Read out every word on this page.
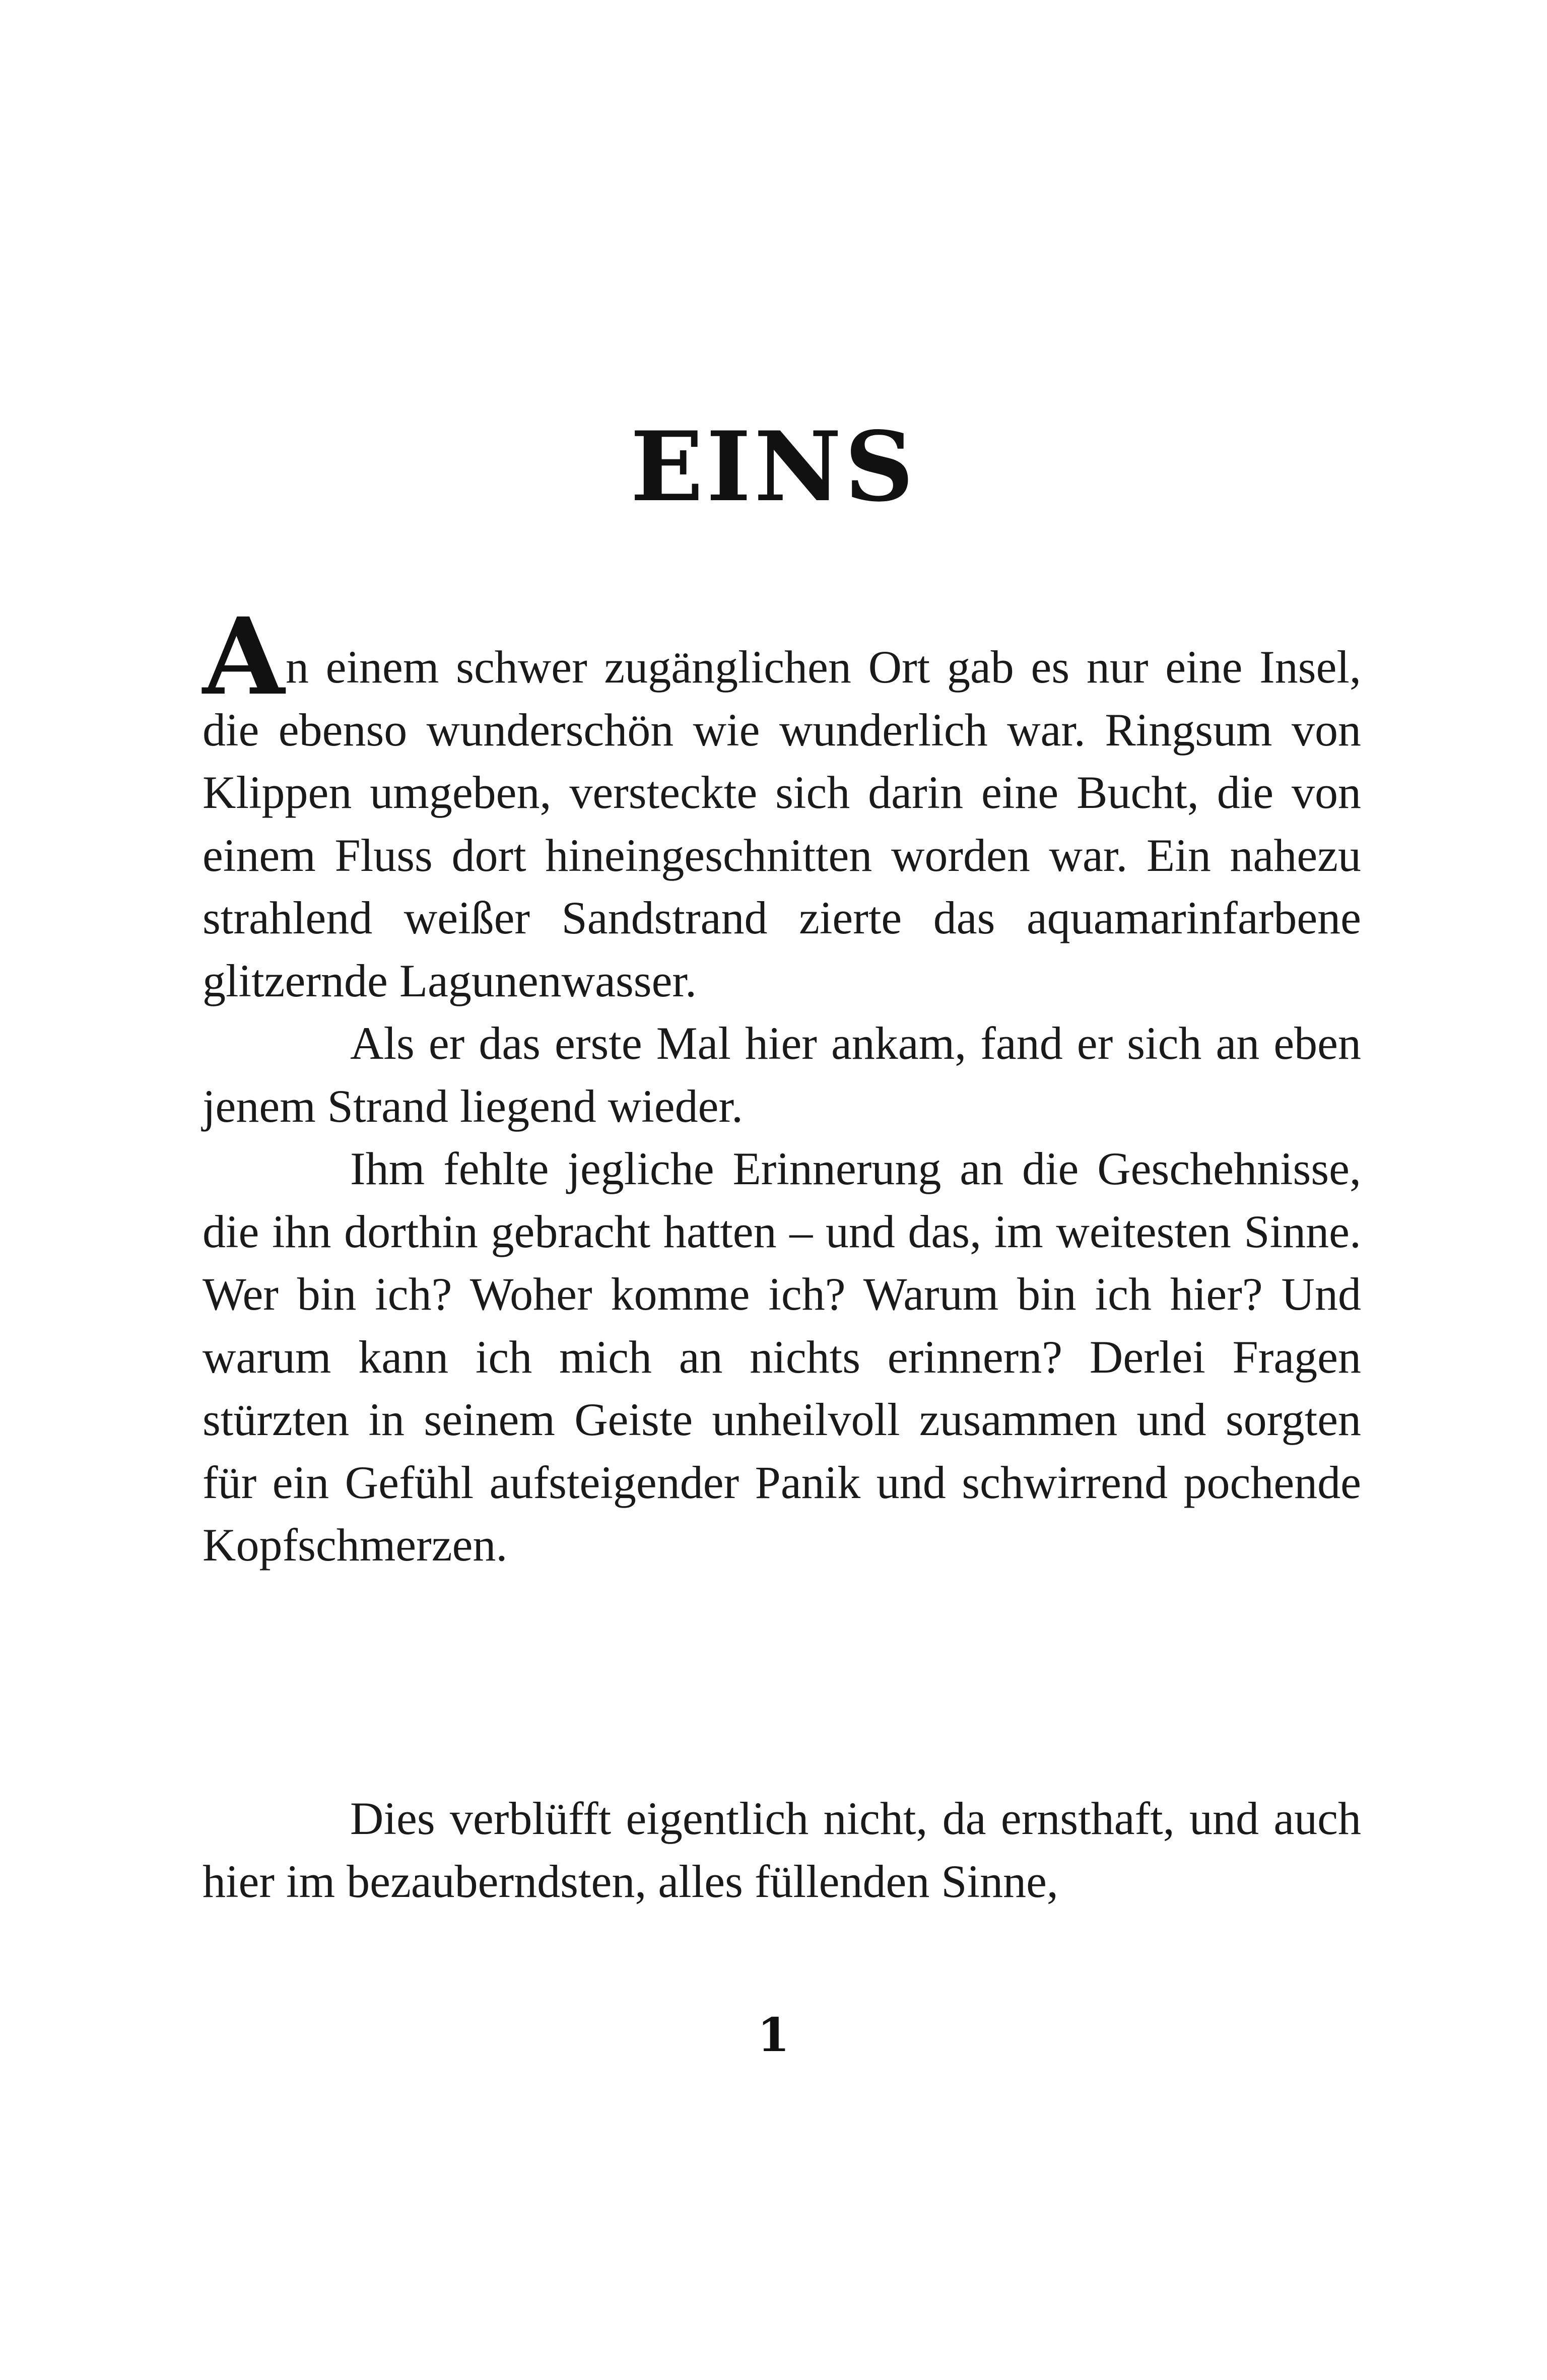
EINS

An einem schwer zugänglichen Ort gab es nur eine Insel, die ebenso wunderschön wie wunderlich war. Ringsum von Klippen umgeben, versteckte sich darin eine Bucht, die von einem Fluss dort hineingeschnitten worden war. Ein nahezu strahlend weißer Sandstrand zierte das aquamarinfarbene glitzernde Lagunenwasser.

Als er das erste Mal hier ankam, fand er sich an eben jenem Strand liegend wieder.

Ihm fehlte jegliche Erinnerung an die Geschehnisse, die ihn dorthin gebracht hatten – und das, im weitesten Sinne. Wer bin ich? Woher komme ich? Warum bin ich hier? Und warum kann ich mich an nichts erinnern? Derlei Fragen stürzten in seinem Geiste unheilvoll zusammen und sorgten für ein Gefühl aufsteigender Panik und schwirrend pochende Kopfschmerzen.

Dies verblüfft eigentlich nicht, da ernsthaft, und auch hier im bezauberndsten, alles füllenden Sinne,

1
